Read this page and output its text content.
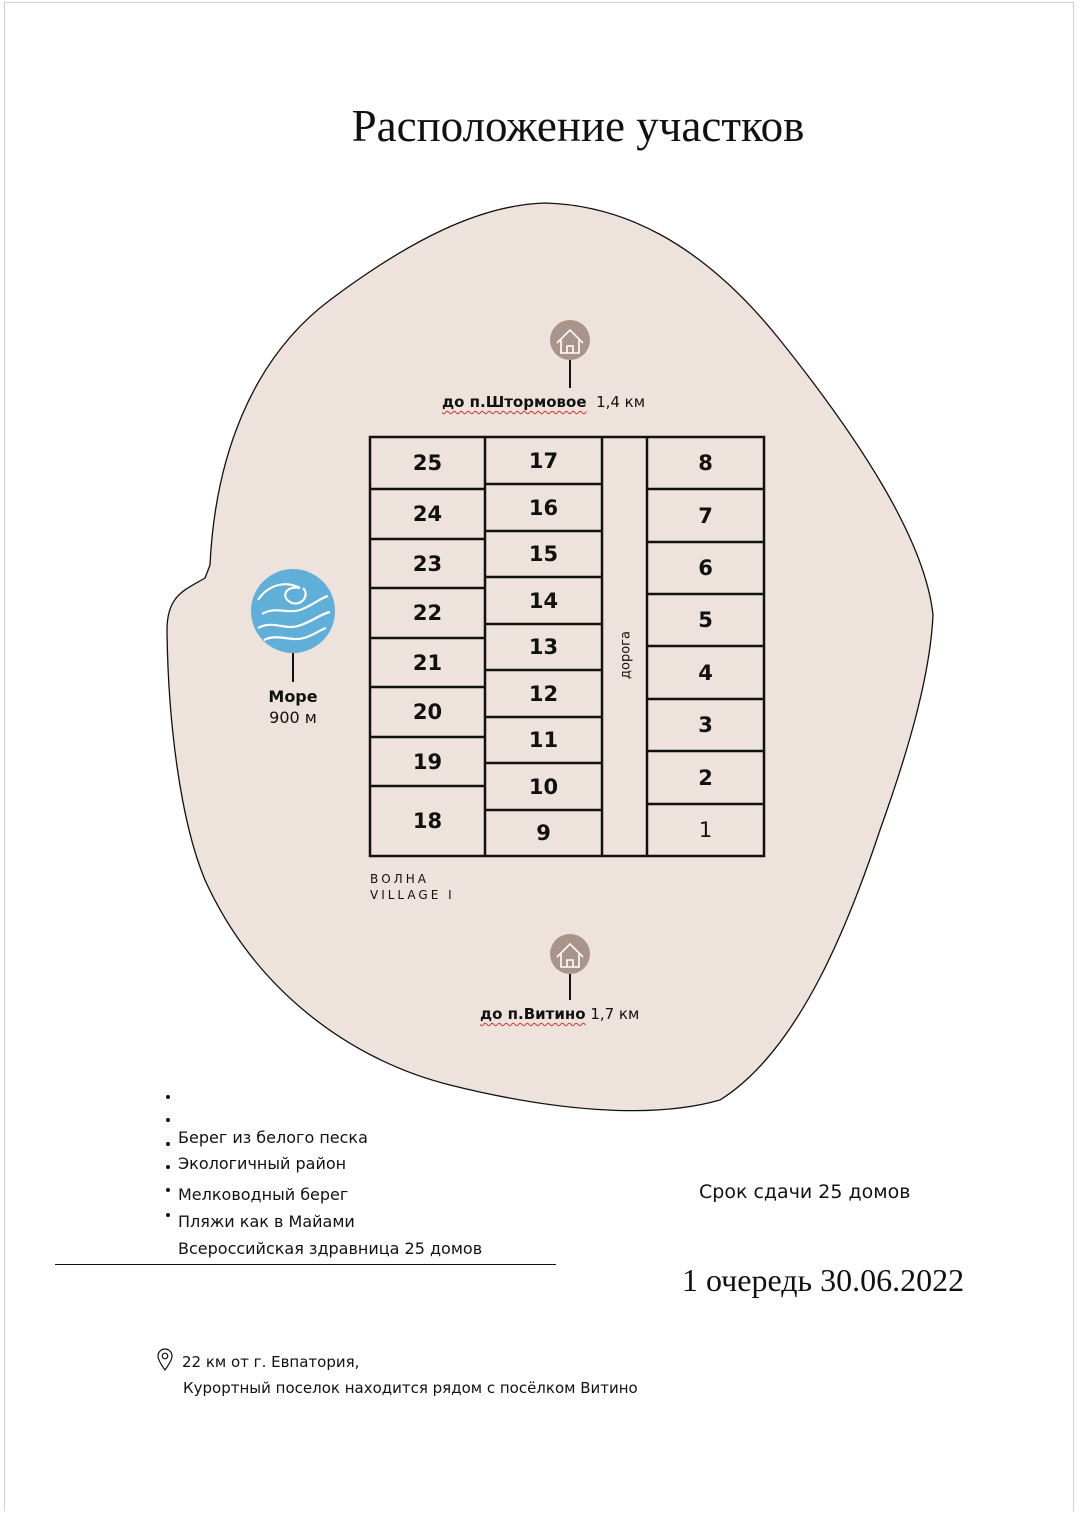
Расположение участков
до п.Штормовое 1,4 км
до п.Витино 1,7 км
Море
900 м
25
24
23
22
21
20
19
18
17
16
15
14
13
12
11
10
9
8
7
6
5
4
3
2
1
дорога
ВОЛНА
VILLAGE I
Берег из белого песка
Экологичный район
Мелководный берег
Пляжи как в Майами
Всероссийская здравница 25 домов
Срок сдачи 25 домов
1 очередь 30.06.2022
22 км от г. Евпатория,
Курортный поселок находится рядом с посёлком Витино
